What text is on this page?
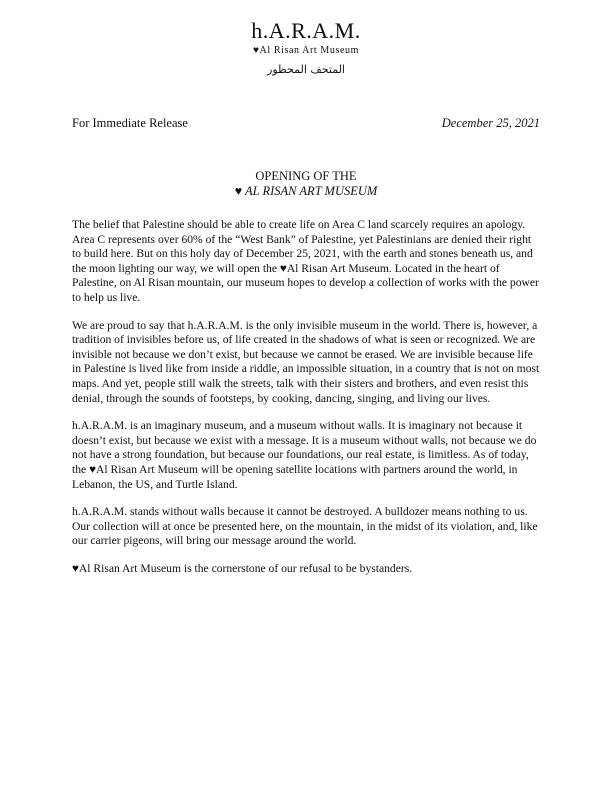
h.A.R.A.M.
♥Al Risan Art Museum
المتحف المحظور
For Immediate Release	December 25, 2021
OPENING OF THE
♥ AL RISAN ART MUSEUM

The belief that Palestine should be able to create life on Area C land scarcely requires an apology. Area C represents over 60% of the “West Bank” of Palestine, yet Palestinians are denied their right to build here. But on this holy day of December 25, 2021, with the earth and stones beneath us, and the moon lighting our way, we will open the ♥Al Risan Art Museum. Located in the heart of Palestine, on Al Risan mountain, our museum hopes to develop a collection of works with the power to help us live.

We are proud to say that h.A.R.A.M. is the only invisible museum in the world. There is, however, a tradition of invisibles before us, of life created in the shadows of what is seen or recognized. We are invisible not because we don’t exist, but because we cannot be erased. We are invisible because life in Palestine is lived like from inside a riddle, an impossible situation, in a country that is not on most maps. And yet, people still walk the streets, talk with their sisters and brothers, and even resist this denial, through the sounds of footsteps, by cooking, dancing, singing, and living our lives.

h.A.R.A.M. is an imaginary museum, and a museum without walls. It is imaginary not because it doesn’t exist, but because we exist with a message. It is a museum without walls, not because we do not have a strong foundation, but because our foundations, our real estate, is limitless. As of today, the ♥Al Risan Art Museum will be opening satellite locations with partners around the world, in Lebanon, the US, and Turtle Island.

h.A.R.A.M. stands without walls because it cannot be destroyed. A bulldozer means nothing to us. Our collection will at once be presented here, on the mountain, in the midst of its violation, and, like our carrier pigeons, will bring our message around the world.

♥Al Risan Art Museum is the cornerstone of our refusal to be bystanders.
